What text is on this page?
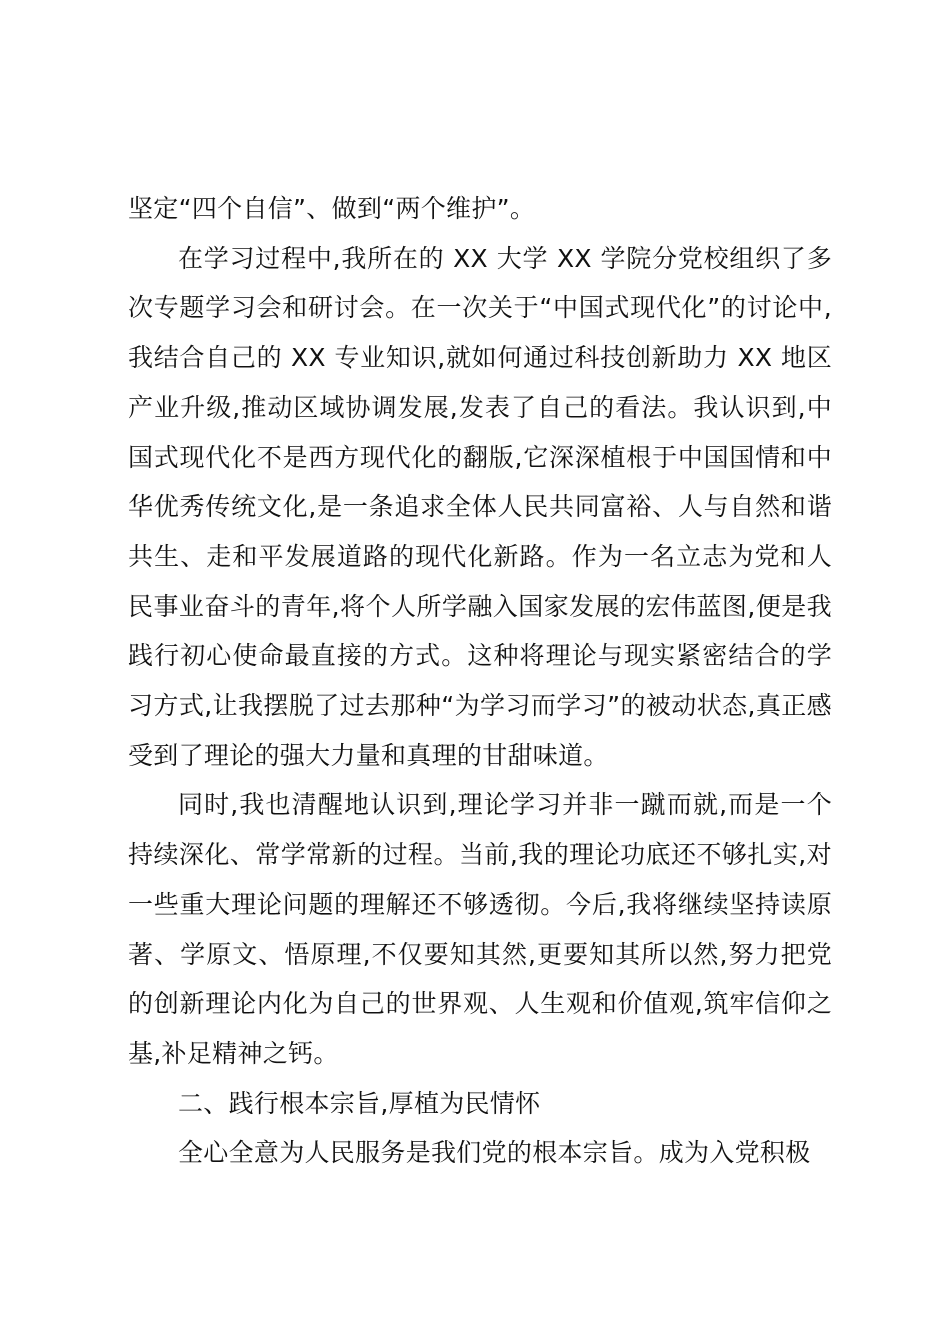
坚定“四个自信”、做到“两个维护”。

在学习过程中,我所在的 XX 大学 XX 学院分党校组织了多次专题学习会和研讨会。在一次关于“中国式现代化”的讨论中,我结合自己的 XX 专业知识,就如何通过科技创新助力 XX 地区产业升级,推动区域协调发展,发表了自己的看法。我认识到,中国式现代化不是西方现代化的翻版,它深深植根于中国国情和中华优秀传统文化,是一条追求全体人民共同富裕、人与自然和谐共生、走和平发展道路的现代化新路。作为一名立志为党和人民事业奋斗的青年,将个人所学融入国家发展的宏伟蓝图,便是我践行初心使命最直接的方式。这种将理论与现实紧密结合的学习方式,让我摆脱了过去那种“为学习而学习”的被动状态,真正感受到了理论的强大力量和真理的甘甜味道。

同时,我也清醒地认识到,理论学习并非一蹴而就,而是一个持续深化、常学常新的过程。当前,我的理论功底还不够扎实,对一些重大理论问题的理解还不够透彻。今后,我将继续坚持读原著、学原文、悟原理,不仅要知其然,更要知其所以然,努力把党的创新理论内化为自己的世界观、人生观和价值观,筑牢信仰之基,补足精神之钙。

二、践行根本宗旨,厚植为民情怀

全心全意为人民服务是我们党的根本宗旨。成为入党积极
